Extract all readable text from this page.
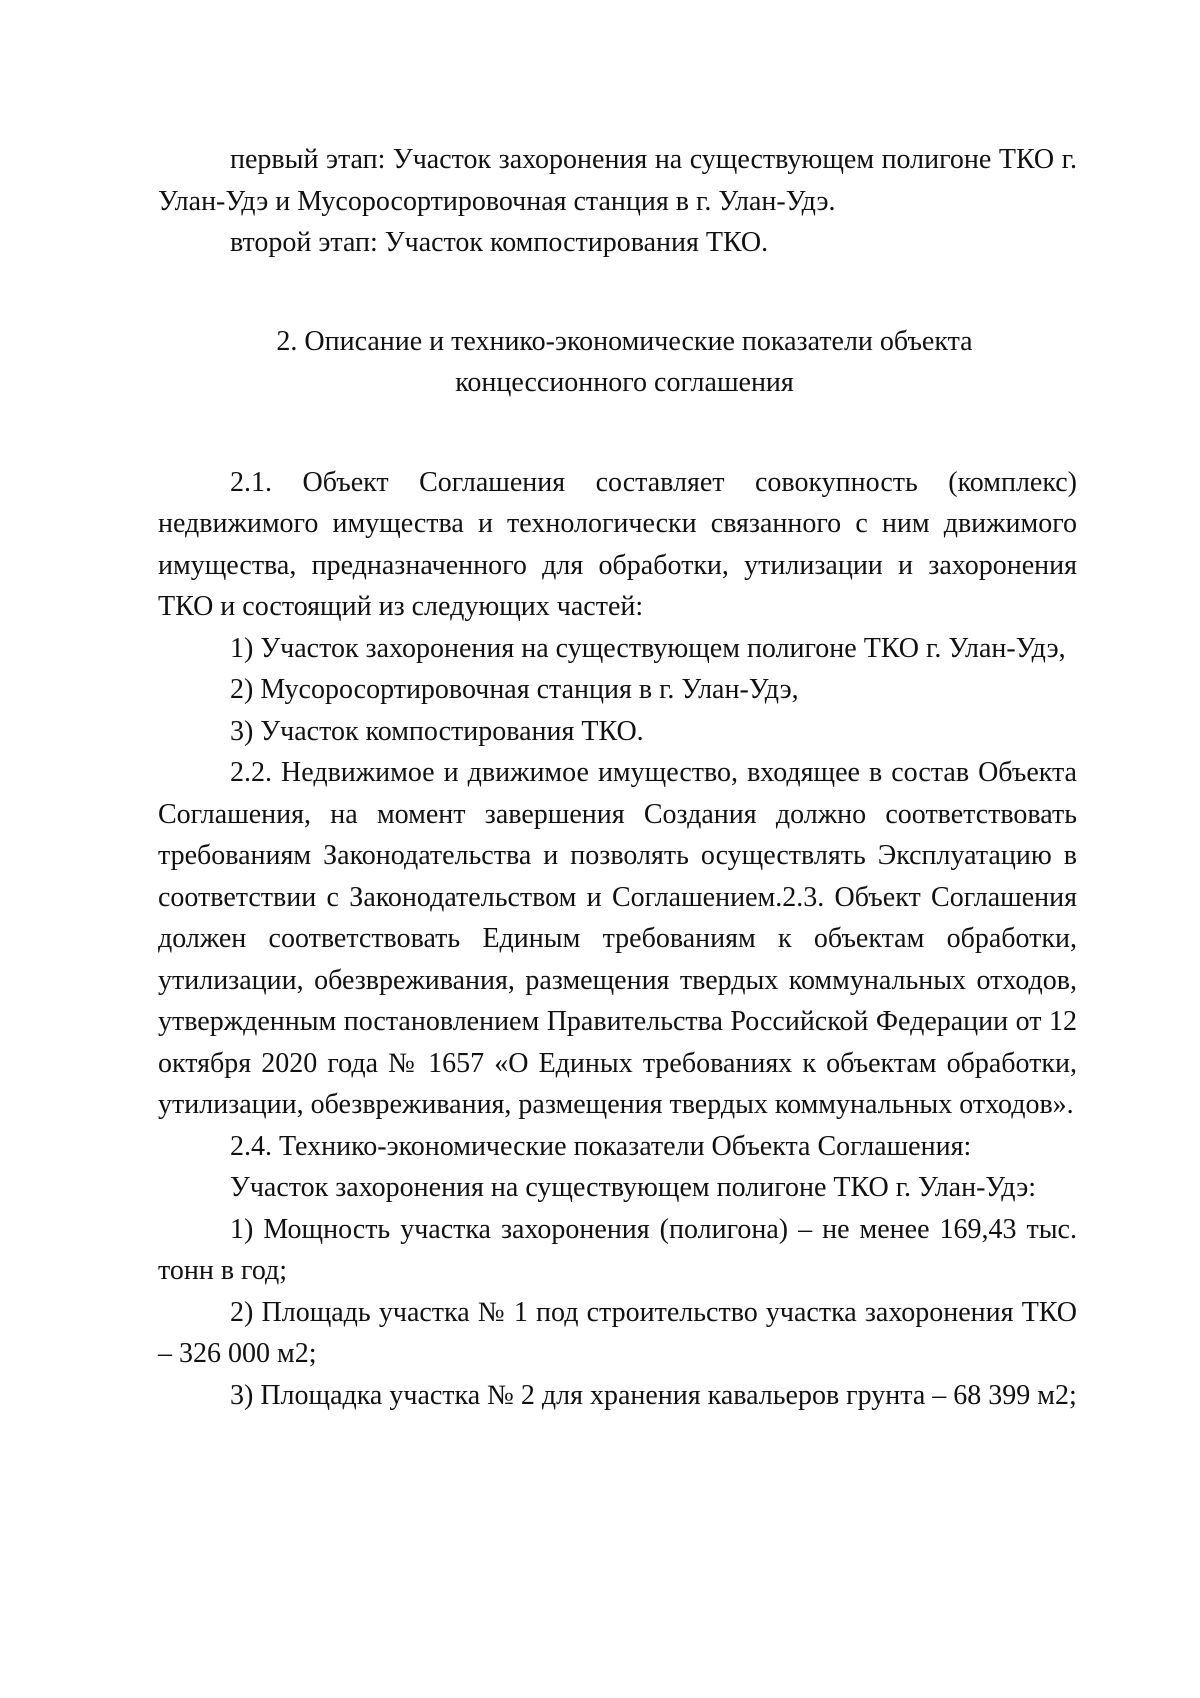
первый этап: Участок захоронения на существующем полигоне ТКО г. Улан-Удэ и Мусоросортировочная станция в г. Улан-Удэ.

второй этап: Участок компостирования ТКО.

2. Описание и технико-экономические показатели объекта

концессионного соглашения

2.1. Объект Соглашения составляет совокупность (комплекс) недвижимого имущества и технологически связанного с ним движимого имущества, предназначенного для обработки, утилизации и захоронения ТКО и состоящий из следующих частей:

1) Участок захоронения на существующем полигоне ТКО г. Улан-Удэ,

2) Мусоросортировочная станция в г. Улан-Удэ,

3) Участок компостирования ТКО.

2.2. Недвижимое и движимое имущество, входящее в состав Объекта Соглашения, на момент завершения Создания должно соответствовать требованиям Законодательства и позволять осуществлять Эксплуатацию в соответствии с Законодательством и Соглашением.2.3. Объект Соглашения должен соответствовать Единым требованиям к объектам обработки, утилизации, обезвреживания, размещения твердых коммунальных отходов, утвержденным постановлением Правительства Российской Федерации от 12 октября 2020 года № 1657 «О Единых требованиях к объектам обработки, утилизации, обезвреживания, размещения твердых коммунальных отходов».

2.4. Технико-экономические показатели Объекта Соглашения:

Участок захоронения на существующем полигоне ТКО г. Улан-Удэ:

1) Мощность участка захоронения (полигона) – не менее 169,43 тыс. тонн в год;

2) Площадь участка № 1 под строительство участка захоронения ТКО – 326 000 м2;

3) Площадка участка № 2 для хранения кавальеров грунта – 68 399 м2;
